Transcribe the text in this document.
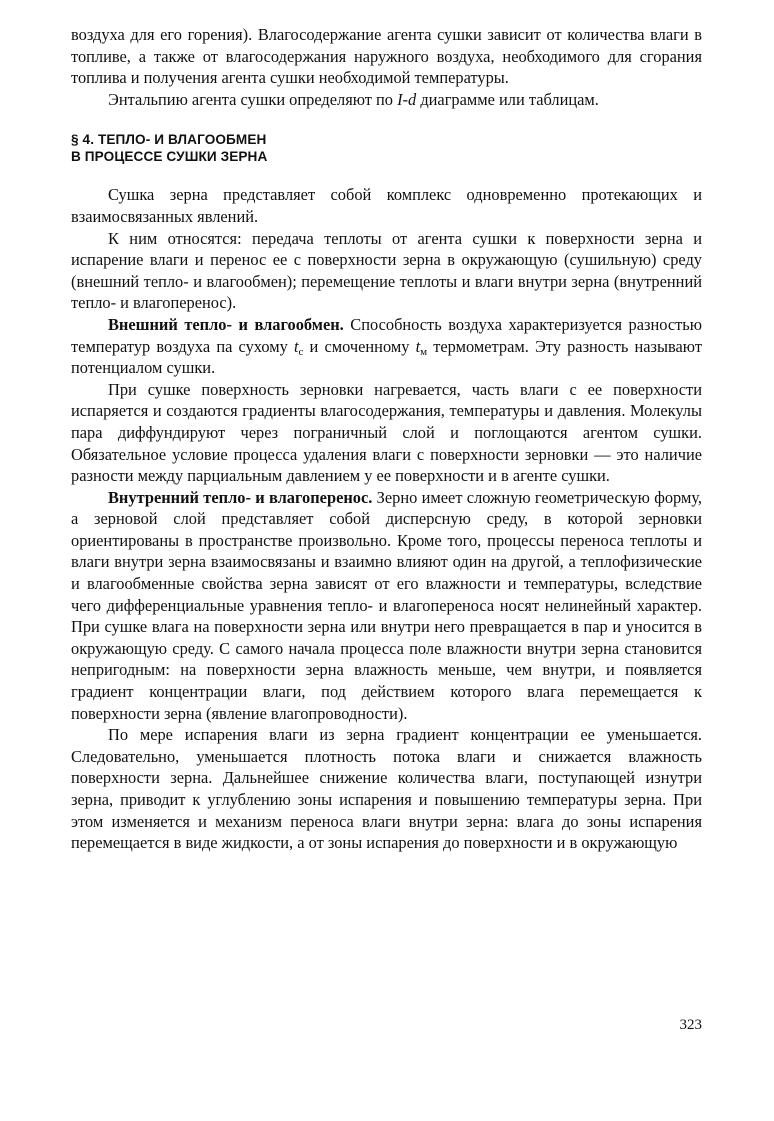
воздуха для его горения). Влагосодержание агента сушки зависит от количества влаги в топливе, а также от влагосодержания наружного воздуха, необходимого для сгорания топлива и получения агента сушки необходимой температуры.

Энтальпию агента сушки определяют по I-d диаграмме или таблицам.

§ 4. ТЕПЛО- И ВЛАГООБМЕН
В ПРОЦЕССЕ СУШКИ ЗЕРНА

Сушка зерна представляет собой комплекс одновременно протекающих и взаимосвязанных явлений.

К ним относятся: передача теплоты от агента сушки к поверхности зерна и испарение влаги и перенос ее с поверхности зерна в окружающую (сушильную) среду (внешний тепло- и влагообмен); перемещение теплоты и влаги внутри зерна (внутренний тепло- и влагоперенос).

Внешний тепло- и влагообмен. Способность воздуха характеризуется разностью температур воздуха па сухому $t_с$ и смоченному $t_м$ термометрам. Эту разность называют потенциалом сушки.

При сушке поверхность зерновки нагревается, часть влаги с ее поверхности испаряется и создаются градиенты влагосодержания, температуры и давления. Молекулы пара диффундируют через пограничный слой и поглощаются агентом сушки. Обязательное условие процесса удаления влаги с поверхности зерновки — это наличие разности между парциальным давлением у ее поверхности и в агенте сушки.

Внутренний тепло- и влагоперенос. Зерно имеет сложную геометрическую форму, а зерновой слой представляет собой дисперсную среду, в которой зерновки ориентированы в пространстве произвольно. Кроме того, процессы переноса теплоты и влаги внутри зерна взаимосвязаны и взаимно влияют один на другой, а теплофизические и влагообменные свойства зерна зависят от его влажности и температуры, вследствие чего дифференциальные уравнения тепло- и влагопереноса носят нелинейный характер. При сушке влага на поверхности зерна или внутри него превращается в пар и уносится в окружающую среду. С самого начала процесса поле влажности внутри зерна становится непригодным: на поверхности зерна влажность меньше, чем внутри, и появляется градиент концентрации влаги, под действием которого влага перемещается к поверхности зерна (явление влагопроводности).

По мере испарения влаги из зерна градиент концентрации ее уменьшается. Следовательно, уменьшается плотность потока влаги и снижается влажность поверхности зерна. Дальнейшее снижение количества влаги, поступающей изнутри зерна, приводит к углублению зоны испарения и повышению температуры зерна. При этом изменяется и механизм переноса влаги внутри зерна: влага до зоны испарения перемещается в виде жидкости, а от зоны испарения до поверхности и в окружающую

323
